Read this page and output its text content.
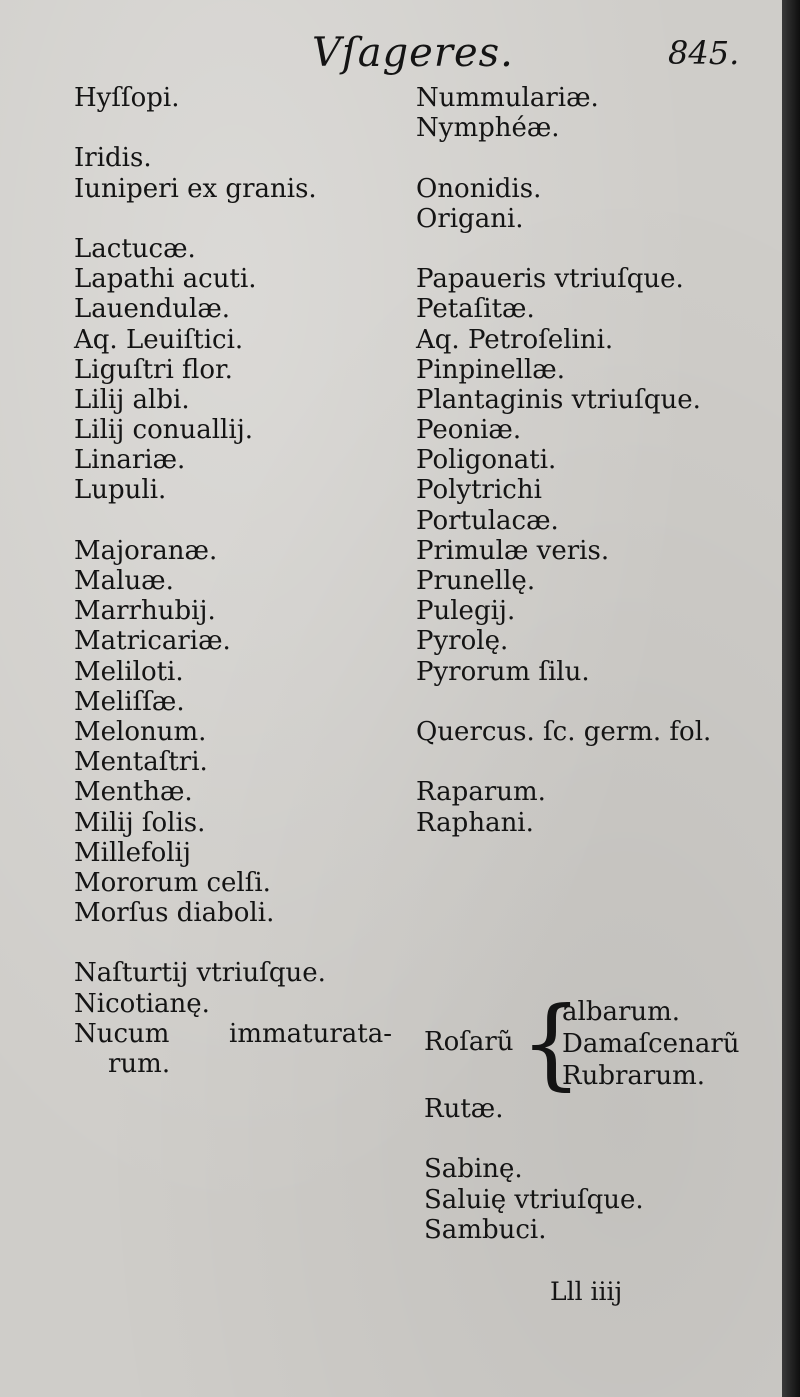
Vſageres.	845.
Hyſſopi.
Iridis.
Iuniperi ex granis.
Lactucæ.
Lapathi acuti.
Lauendulæ.
Aq. Leuiſtici.
Liguſtri flor.
Lilij albi.
Lilij conuallij.
Linariæ.
Lupuli.
Majoranæ.
Maluæ.
Marrhubij.
Matricariæ.
Meliloti.
Meliſſæ.
Melonum.
Mentaſtri.
Menthæ.
Milij ſolis.
Millefolij
Mororum celſi.
Morſus diaboli.
Naſturtij vtriuſque.
Nicotianę.
Nucum immaturata-
rum.
Nummulariæ.
Nymphéæ.
Ononidis.
Origani.
Papaueris vtriuſque.
Petaſitæ.
Aq. Petroſelini.
Pinpinellæ.
Plantaginis vtriuſque.
Peoniæ.
Poligonati.
Polytrichi
Portulacæ.
Primulæ veris.
Prunellę.
Pulegij.
Pyrolę.
Pyrorum ſilu.
Quercus. ſc. germ. fol.
Raparum.
Raphani.
Roſarũ {
albarum.
Damaſcenarũ
Rubrarum.
Rutæ.
Sabinę.
Saluię vtriuſque.
Sambuci.
Lll iiij
